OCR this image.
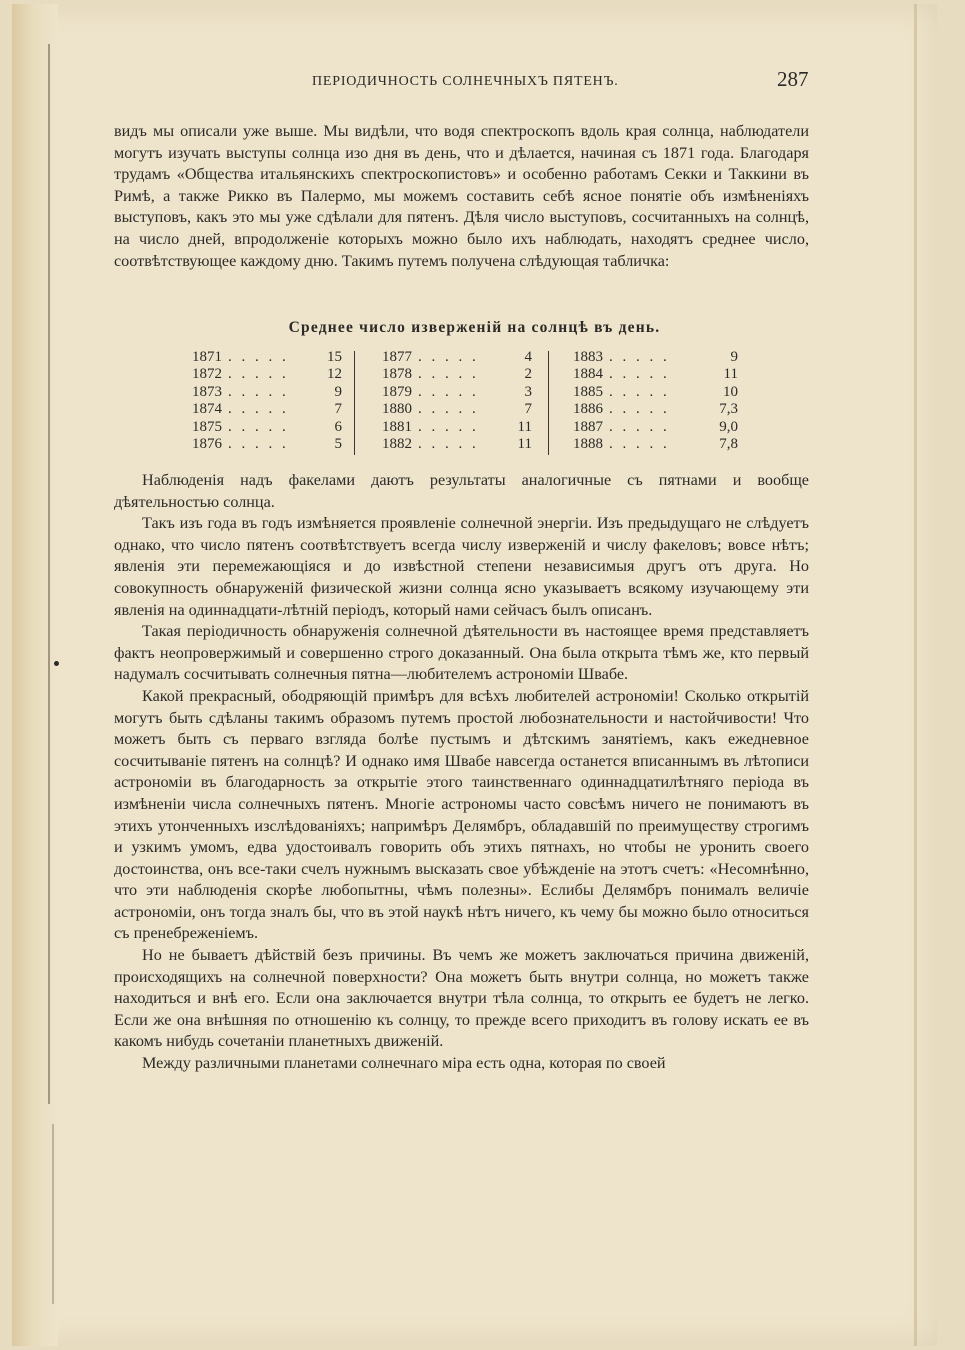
ПЕРІОДИЧНОСТЬ СОЛНЕЧНЫХЪ ПЯТЕНЪ.	287

видъ мы описали уже выше. Мы видѣли, что водя спектроскопъ вдоль края солнца, наблюдатели могутъ изучать выступы солнца изо дня въ день, что и дѣлается, начиная съ 1871 года. Благодаря трудамъ «Общества итальянскихъ спектроскопистовъ» и особенно работамъ Секки и Таккини въ Римѣ, а также Рикко въ Палермо, мы можемъ составить себѣ ясное понятіе объ измѣненіяхъ выступовъ, какъ это мы уже сдѣлали для пятенъ. Дѣля число выступовъ, сосчитанныхъ на солнцѣ, на число дней, впродолженіе которыхъ можно было ихъ наблюдать, находятъ среднее число, соотвѣтствующее каждому дню. Такимъ путемъ получена слѣдующая табличка:

Среднее число изверженій на солнцѣ въ день.
1871 . . . . .	15
1872 . . . . .	12
1873 . . . . .	9
1874 . . . . .	7
1875 . . . . .	6
1876 . . . . .	5
1877 . . . . .	4
1878 . . . . .	2
1879 . . . . .	3
1880 . . . . .	7
1881 . . . . .	11
1882 . . . . .	11
1883 . . . . .	9
1884 . . . . .	11
1885 . . . . .	10
1886 . . . . .	7,3
1887 . . . . .	9,0
1888 . . . . .	7,8

Наблюденія надъ факелами даютъ результаты аналогичные съ пятнами и вообще дѣятельностью солнца.

Такъ изъ года въ годъ измѣняется проявленіе солнечной энергіи. Изъ предыдущаго не слѣдуетъ однако, что число пятенъ соотвѣтствуетъ всегда числу изверженій и числу факеловъ; вовсе нѣтъ; явленія эти перемежающіяся и до извѣстной степени независимыя другъ отъ друга. Но совокупность обнаруженій физической жизни солнца ясно указываетъ всякому изучающему эти явленія на одиннадцати-лѣтній періодъ, который нами сейчасъ былъ описанъ.

Такая періодичность обнаруженія солнечной дѣятельности въ настоящее время представляетъ фактъ неопровержимый и совершенно строго доказанный. Она была открыта тѣмъ же, кто первый надумалъ сосчитывать солнечныя пятна—любителемъ астрономіи Швабе.

Какой прекрасный, ободряющій примѣръ для всѣхъ любителей астрономіи! Сколько открытій могутъ быть сдѣланы такимъ образомъ путемъ простой любознательности и настойчивости! Что можетъ быть съ перваго взгляда болѣе пустымъ и дѣтскимъ занятіемъ, какъ ежедневное сосчитываніе пятенъ на солнцѣ? И однако имя Швабе навсегда останется вписаннымъ въ лѣтописи астрономіи въ благодарность за открытіе этого таинственнаго одиннадцатилѣтняго періода въ измѣненіи числа солнечныхъ пятенъ. Многіе астрономы часто совсѣмъ ничего не понимаютъ въ этихъ утонченныхъ изслѣдованіяхъ; напримѣръ Делямбръ, обладавшій по преимуществу строгимъ и узкимъ умомъ, едва удостоивалъ говорить объ этихъ пятнахъ, но чтобы не уронить своего достоинства, онъ все-таки счелъ нужнымъ высказать свое убѣжденіе на этотъ счетъ: «Несомнѣнно, что эти наблюденія скорѣе любопытны, чѣмъ полезны». Еслибы Делямбръ понималъ величіе астрономіи, онъ тогда зналъ бы, что въ этой наукѣ нѣтъ ничего, къ чему бы можно было относиться съ пренебреженіемъ.

Но не бываетъ дѣйствій безъ причины. Въ чемъ же можетъ заключаться причина движеній, происходящихъ на солнечной поверхности? Она можетъ быть внутри солнца, но можетъ также находиться и внѣ его. Если она заключается внутри тѣла солнца, то открыть ее будетъ не легко. Если же она внѣшняя по отношенію къ солнцу, то прежде всего приходитъ въ голову искать ее въ какомъ нибудь сочетаніи планетныхъ движеній.

Между различными планетами солнечнаго міра есть одна, которая по своей
